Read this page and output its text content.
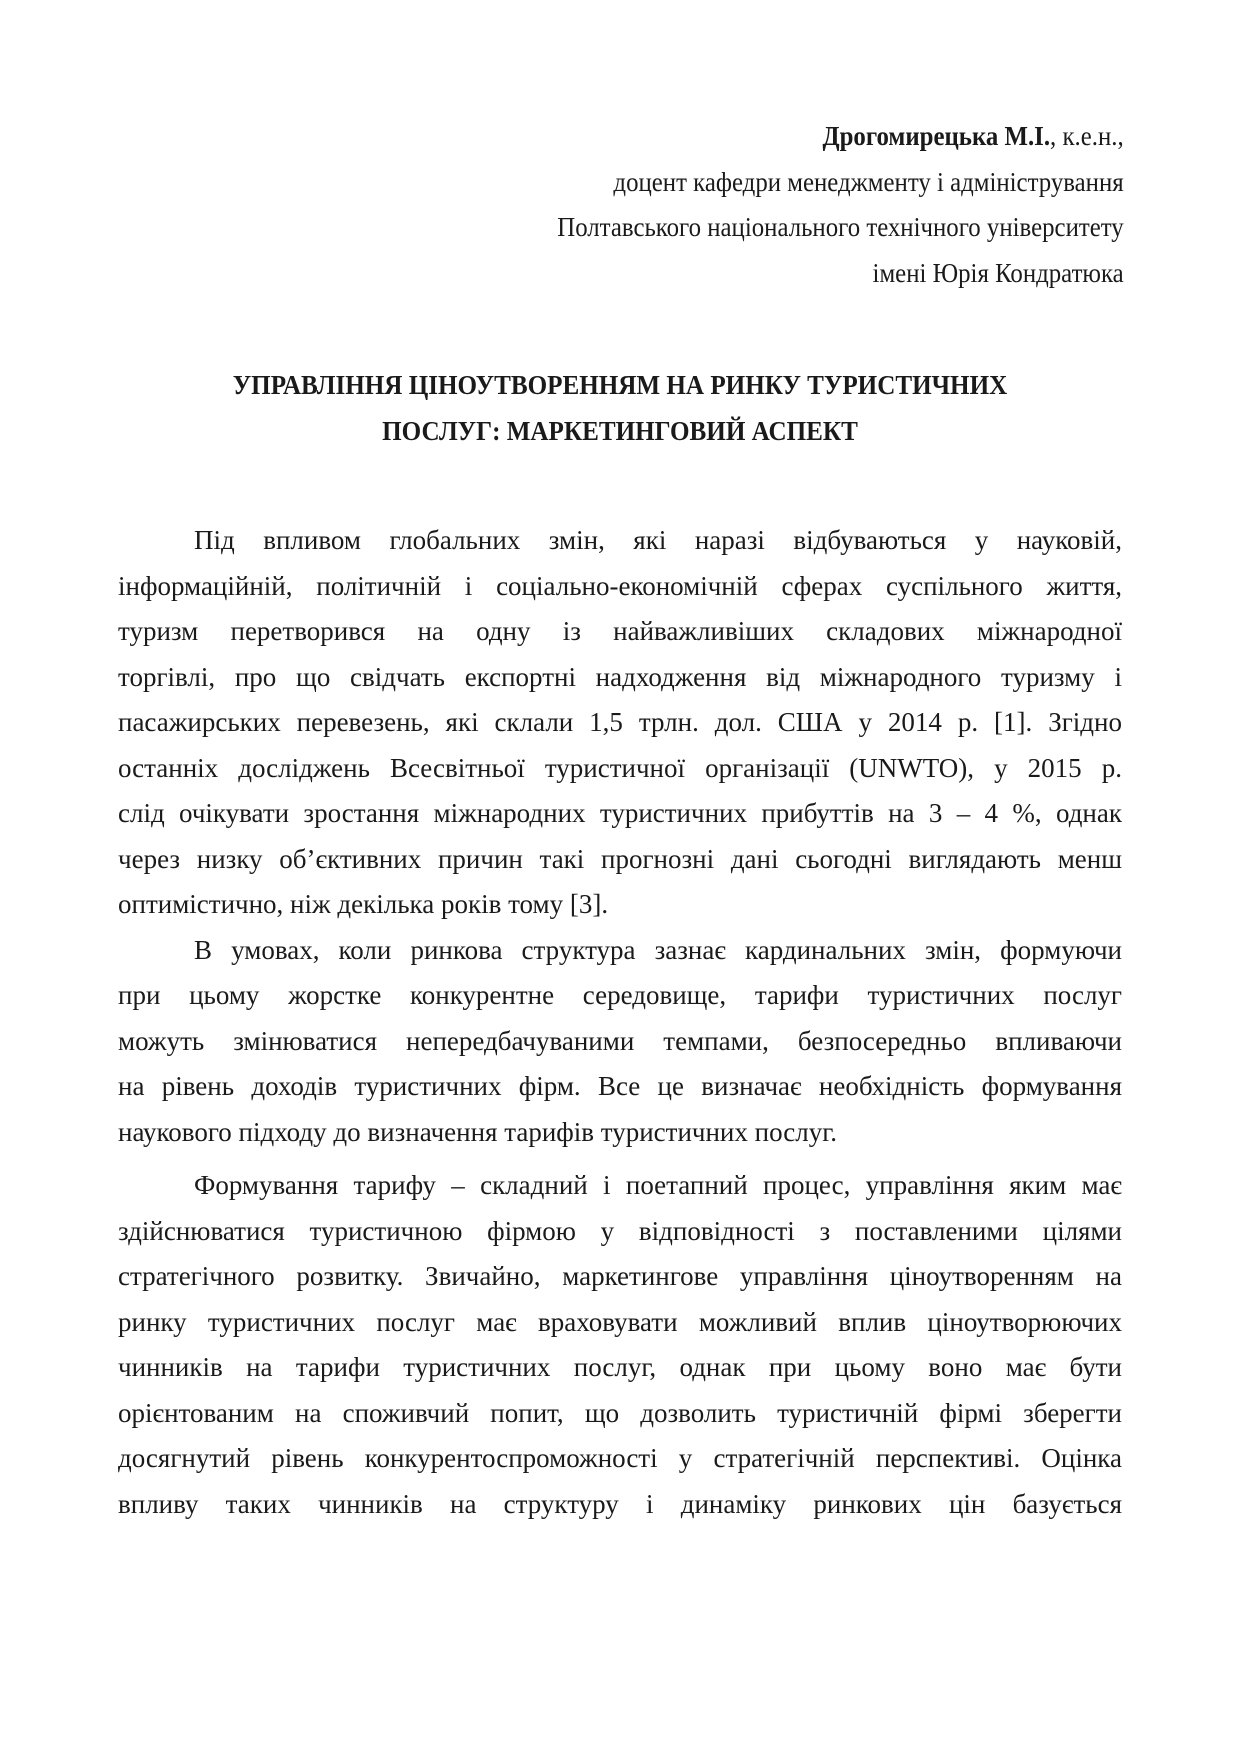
Дрогомирецька М.І., к.е.н.,
доцент кафедри менеджменту і адміністрування
Полтавського національного технічного університету
імені Юрія Кондратюка
УПРАВЛІННЯ ЦІНОУТВОРЕННЯМ НА РИНКУ ТУРИСТИЧНИХ
ПОСЛУГ: МАРКЕТИНГОВИЙ АСПЕКТ
Під впливом глобальних змін, які наразі відбуваються у науковій,
інформаційній, політичній і соціально-економічній сферах суспільного життя,
туризм перетворився на одну із найважливіших складових міжнародної
торгівлі, про що свідчать експортні надходження від міжнародного туризму і
пасажирських перевезень, які склали 1,5 трлн. дол. США у 2014 р. [1]. Згідно
останніх досліджень Всесвітньої туристичної організації (UNWTO), у 2015 р.
слід очікувати зростання міжнародних туристичних прибуттів на 3 – 4 %, однак
через низку об’єктивних причин такі прогнозні дані сьогодні виглядають менш
оптимістично, ніж декілька років тому [3].
В умовах, коли ринкова структура зазнає кардинальних змін, формуючи
при цьому жорстке конкурентне середовище, тарифи туристичних послуг
можуть змінюватися непередбачуваними темпами, безпосередньо впливаючи
на рівень доходів туристичних фірм. Все це визначає необхідність формування
наукового підходу до визначення тарифів туристичних послуг.
Формування тарифу – складний і поетапний процес, управління яким має
здійснюватися туристичною фірмою у відповідності з поставленими цілями
стратегічного розвитку. Звичайно, маркетингове управління ціноутворенням на
ринку туристичних послуг має враховувати можливий вплив ціноутворюючих
чинників на тарифи туристичних послуг, однак при цьому воно має бути
орієнтованим на споживчий попит, що дозволить туристичній фірмі зберегти
досягнутий рівень конкурентоспроможності у стратегічній перспективі. Оцінка
впливу таких чинників на структуру і динаміку ринкових цін базується
